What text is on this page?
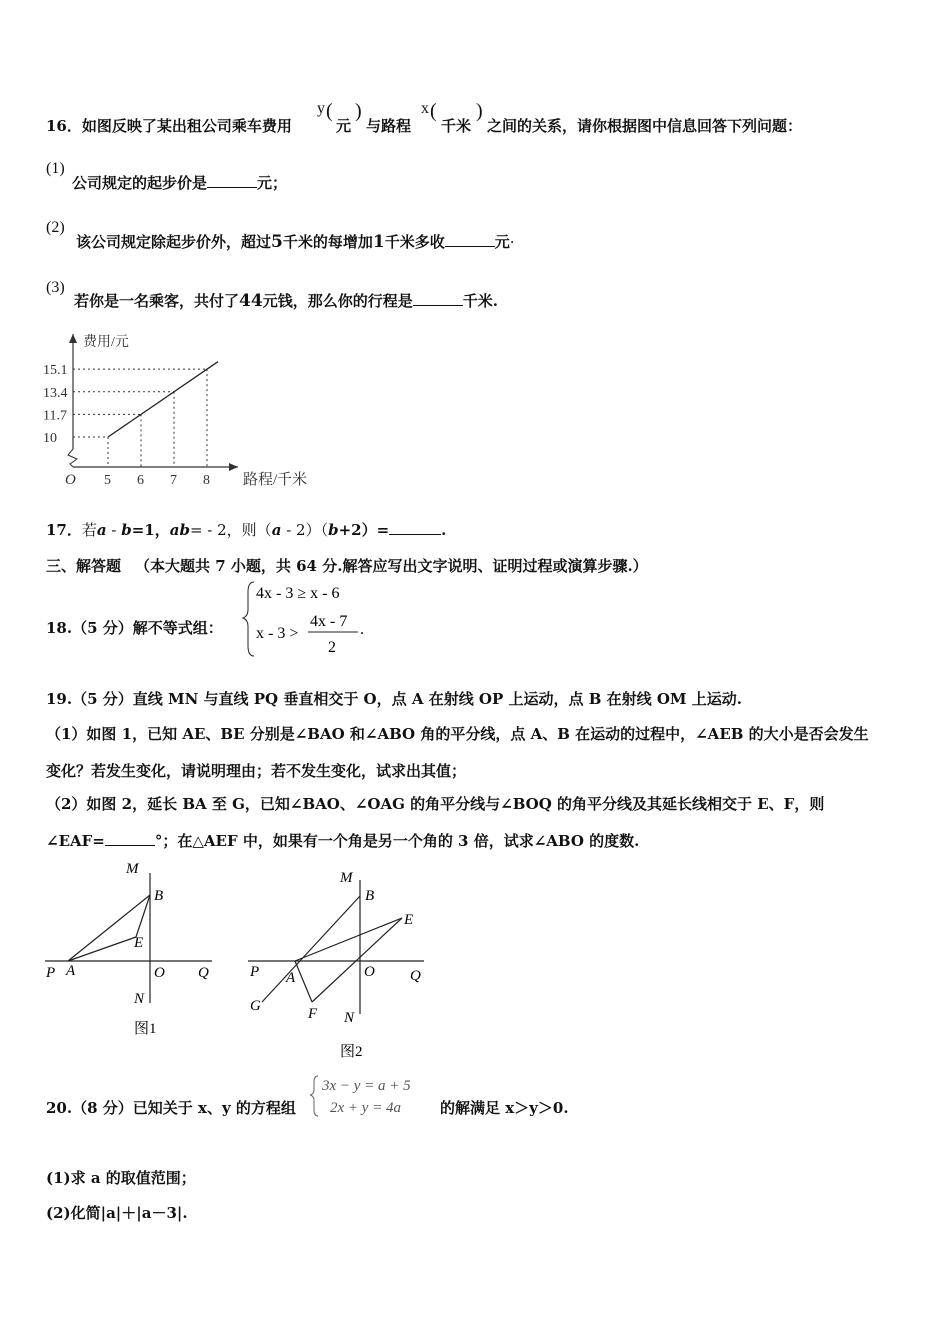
16．如图反映了某出租公司乘车费用
y (
元
)
与路程
x (
千米
)
之间的关系，请你根据图中信息回答下列问题：
(1)
公司规定的起步价是	元；
(2)
该公司规定除起步价外，超过5千米的每增加1千米多收	元·
(3)
若你是一名乘客，共付了44元钱，那么你的行程是	千米.
费用/元
路程/千米
O 5
10
6
11.7
7
13.4
8
15.1
17．若a - b=1，ab= - 2，则（a - 2）（b+2）=	.
三、解答题 （本大题共 7 小题，共 64 分.解答应写出文字说明、证明过程或演算步骤.）
18.（5 分）解不等式组：
4x - 3 ≥ x - 6
x - 3 >
4x - 7
2
.
19.（5 分）直线 MN 与直线 PQ 垂直相交于 O，点 A 在射线 OP 上运动，点 B 在射线 OM 上运动.
（1）如图 1，已知 AE、BE 分别是∠BAO 和∠ABO 角的平分线，点 A、B 在运动的过程中，∠AEB 的大小是否会发生
变化？若发生变化，请说明理由；若不发生变化，试求出其值；
（2）如图 2，延长 BA 至 G，已知∠BAO、∠OAG 的角平分线与∠BOQ 的角平分线及其延长线相交于 E、F，则
∠EAF=	°；在△AEF 中，如果有一个角是另一个角的 3 倍，试求∠ABO 的度数.
M
B
E
P A	O Q
N
图1
M
B
E
P A	O Q
G	F N
图2
20.（8 分）已知关于 x、y 的方程组
3x − y = a + 5
2x + y = 4a	的解满足 x＞y＞0.
(1)求 a 的取值范围；
(2)化简|a|＋|a－3|.
